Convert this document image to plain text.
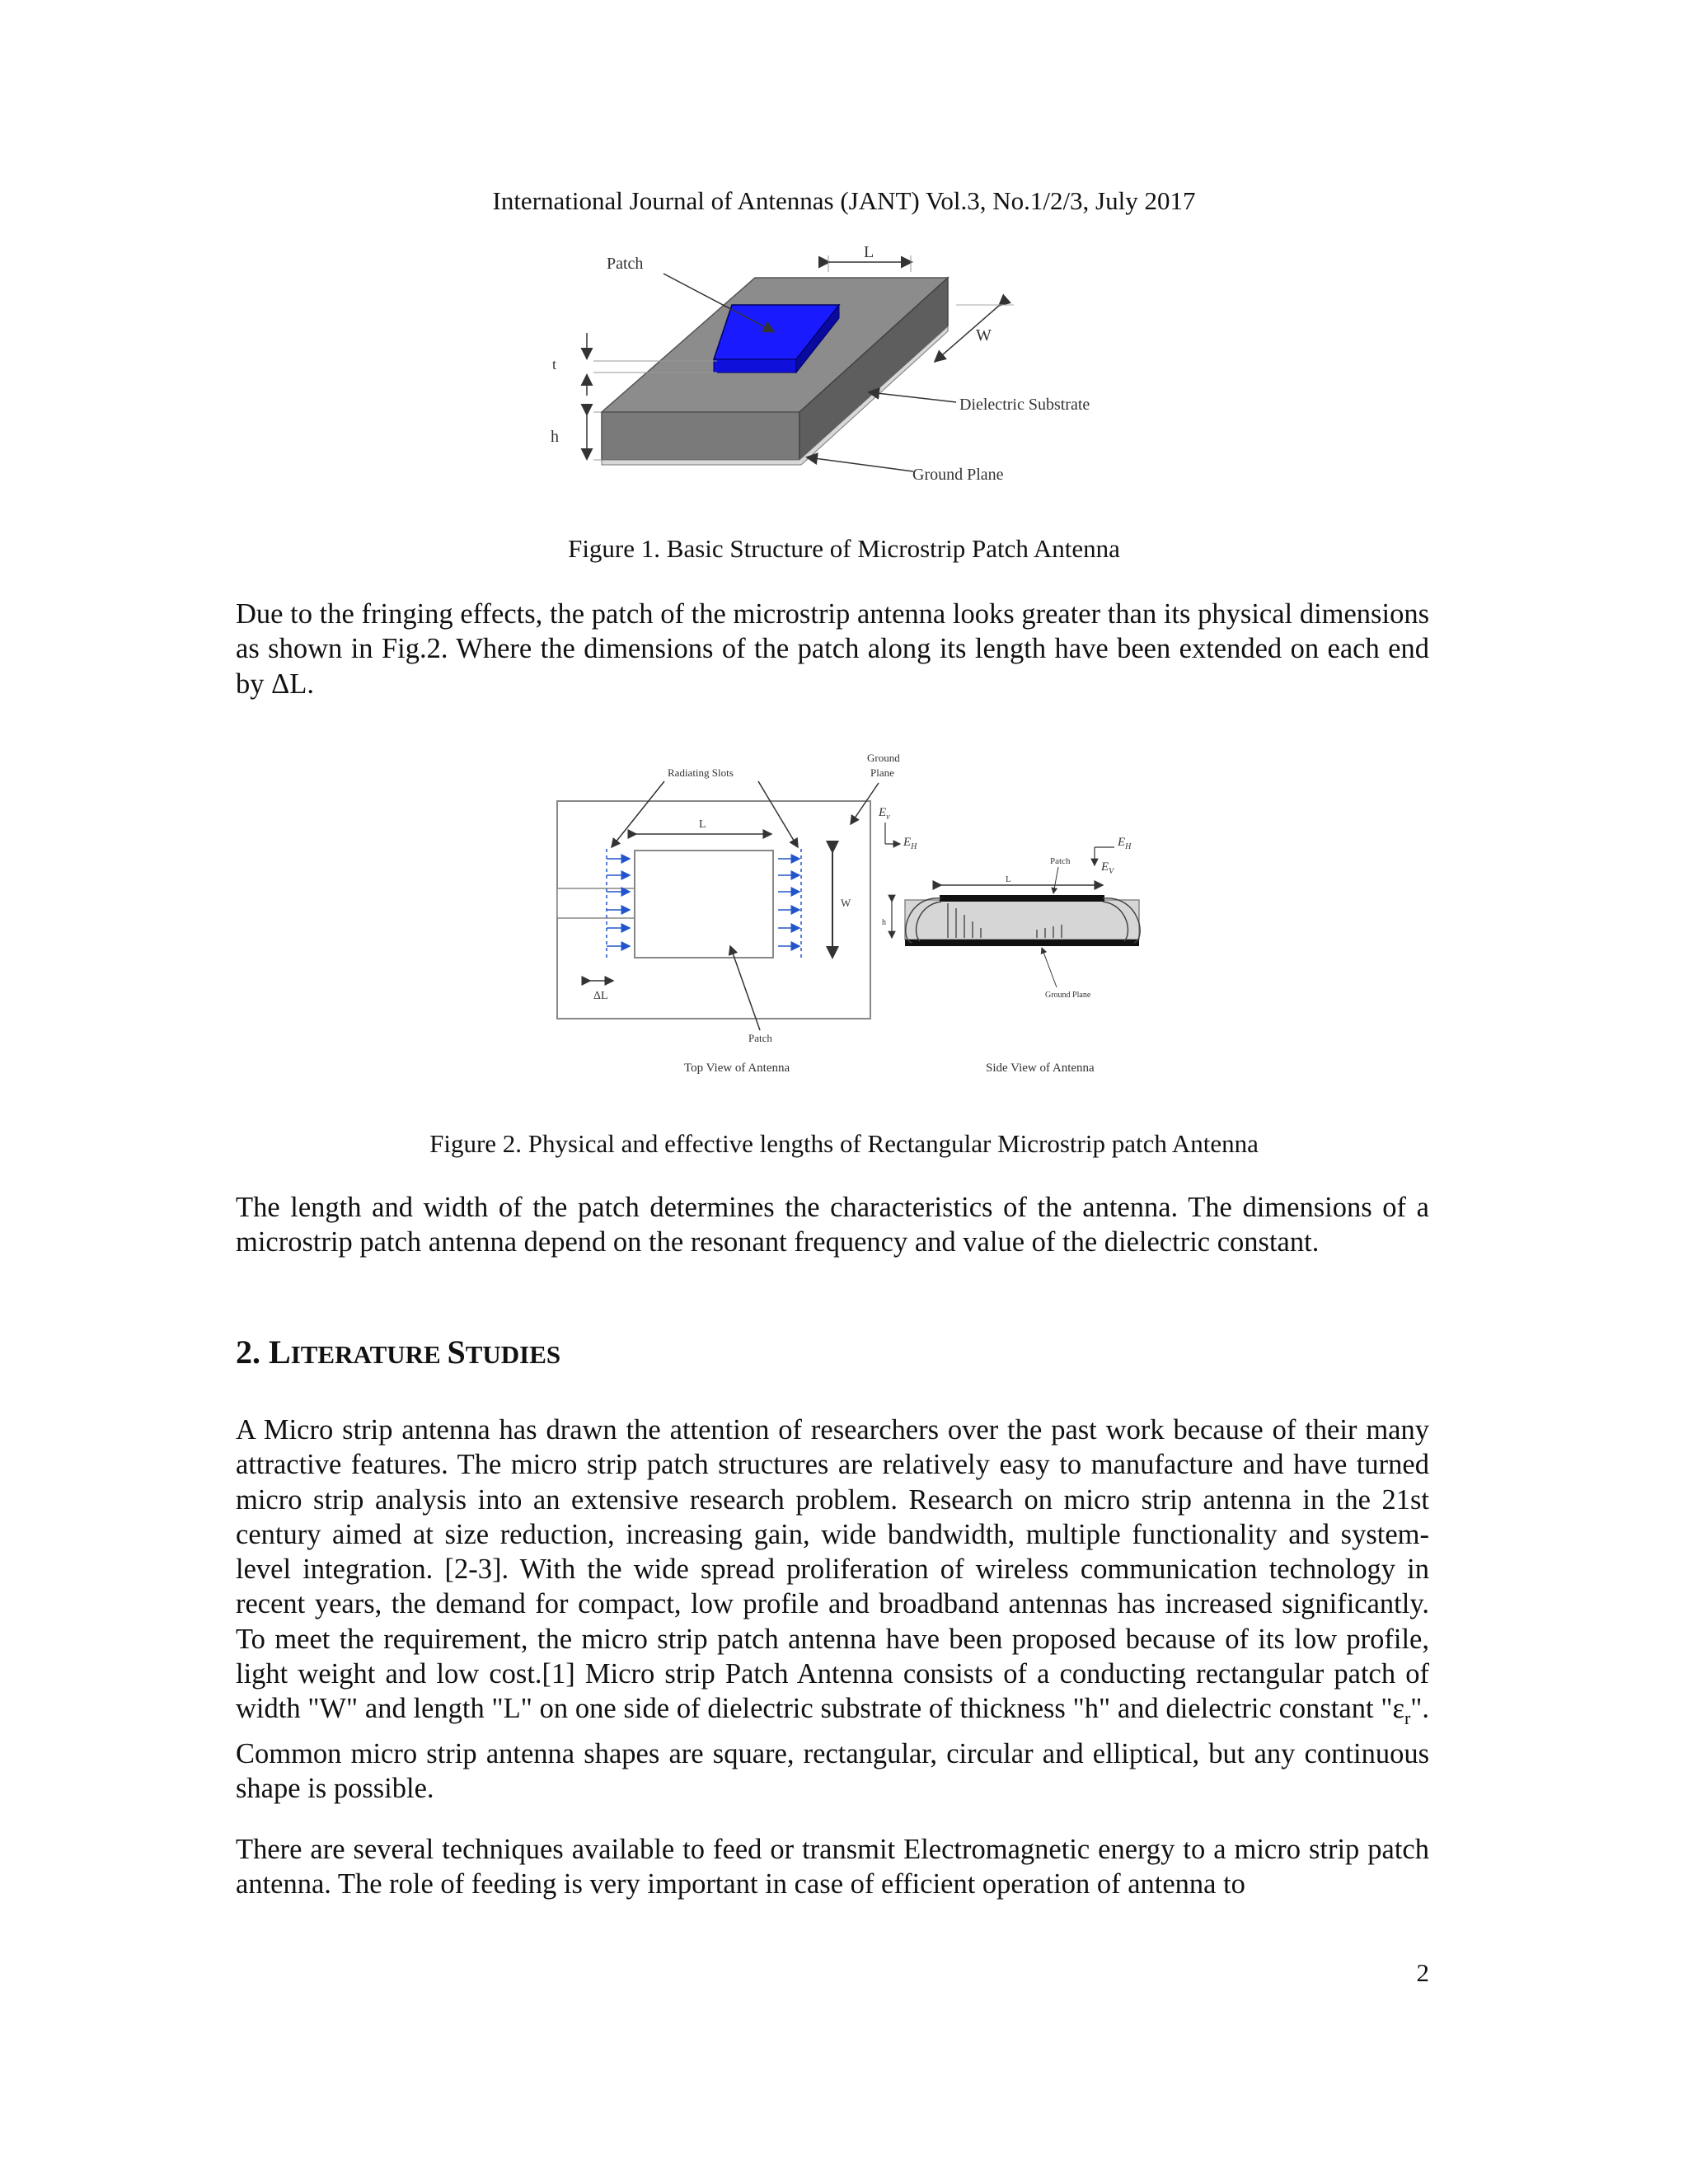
International Journal of Antennas (JANT) Vol.3, No.1/2/3, July 2017
Patch
L
W
t
h
Dielectric Substrate
Ground Plane
Figure 1. Basic Structure of Microstrip Patch Antenna

Due to the fringing effects, the patch of the microstrip antenna looks greater than its physical dimensions as shown in Fig.2. Where the dimensions of the patch along its length have been extended on each end by ΔL.

L
W
ΔL
Radiating Slots
Ground
Plane
Patch
Top View of Antenna	Side View of Antenna
L
Patch
h
Ground Plane
$E_v$
$E_H$	$E_H$
$E_V$
Figure 2. Physical and effective lengths of Rectangular Microstrip patch Antenna

The length and width of the patch determines the characteristics of the antenna. The dimensions of a microstrip patch antenna depend on the resonant frequency and value of the dielectric constant.

2. LITERATURE STUDIES

A Micro strip antenna has drawn the attention of researchers over the past work because of their many attractive features. The micro strip patch structures are relatively easy to manufacture and have turned micro strip analysis into an extensive research problem. Research on micro strip antenna in the 21st century aimed at size reduction, increasing gain, wide bandwidth, multiple functionality and system-level integration. [2-3]. With the wide spread proliferation of wireless communication technology in recent years, the demand for compact, low profile and broadband antennas has increased significantly. To meet the requirement, the micro strip patch antenna have been proposed because of its low profile, light weight and low cost.[1] Micro strip Patch Antenna consists of a conducting rectangular patch of width "W" and length "L" on one side of dielectric substrate of thickness "h" and dielectric constant "$\varepsilon_r$". Common micro strip antenna shapes are square, rectangular, circular and elliptical, but any continuous shape is possible.

There are several techniques available to feed or transmit Electromagnetic energy to a micro strip patch antenna. The role of feeding is very important in case of efficient operation of antenna to

2
